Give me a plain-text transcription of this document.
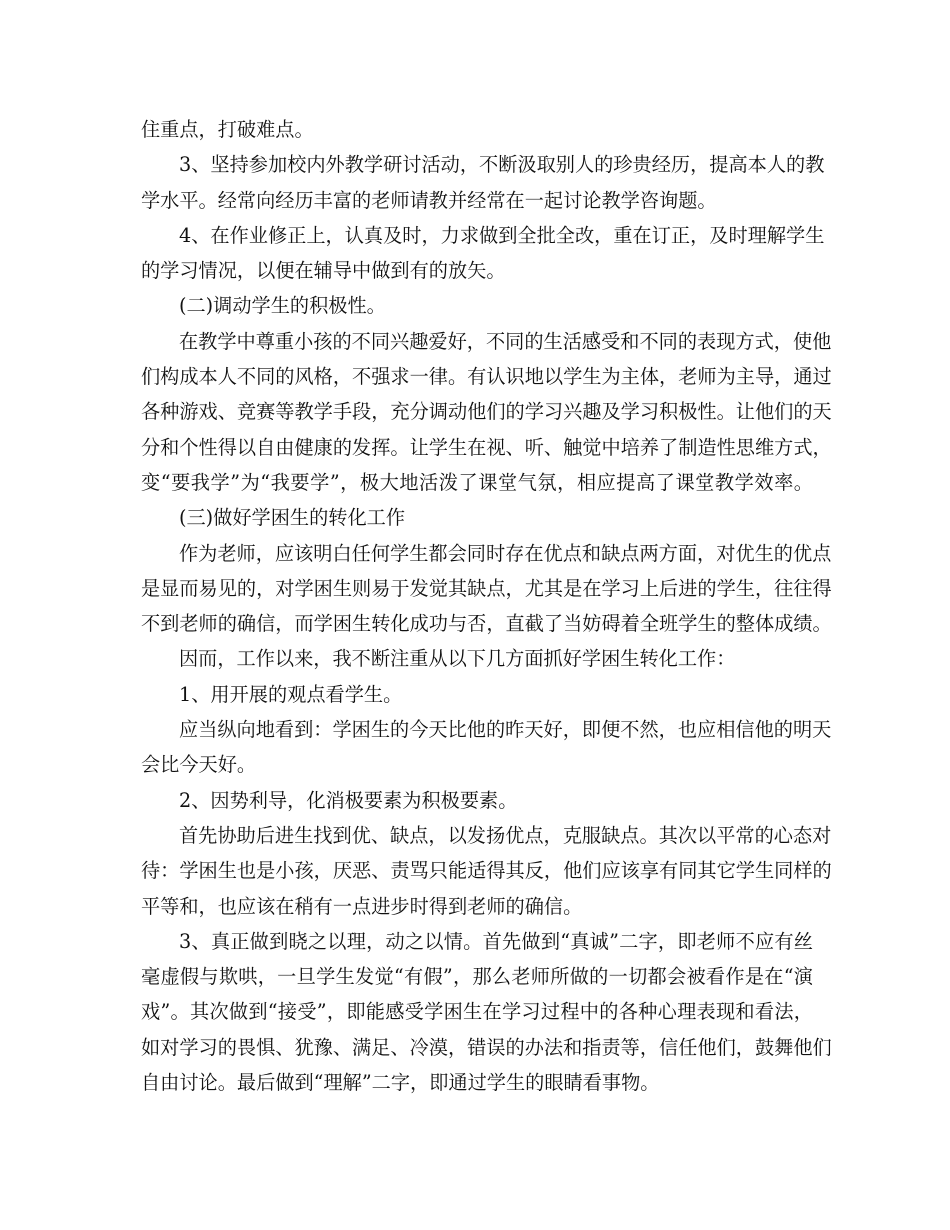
住重点，打破难点。
3、坚持参加校内外教学研讨活动，不断汲取别人的珍贵经历，提高本人的教
学水平。经常向经历丰富的老师请教并经常在一起讨论教学咨询题。
4、在作业修正上，认真及时，力求做到全批全改，重在订正，及时理解学生
的学习情况，以便在辅导中做到有的放矢。
(二)调动学生的积极性。
在教学中尊重小孩的不同兴趣爱好，不同的生活感受和不同的表现方式，使他
们构成本人不同的风格，不强求一律。有认识地以学生为主体，老师为主导，通过
各种游戏、竞赛等教学手段，充分调动他们的学习兴趣及学习积极性。让他们的天
分和个性得以自由健康的发挥。让学生在视、听、触觉中培养了制造性思维方式，
变“要我学”为“我要学”，极大地活泼了课堂气氛，相应提高了课堂教学效率。
(三)做好学困生的转化工作
作为老师，应该明白任何学生都会同时存在优点和缺点两方面，对优生的优点
是显而易见的，对学困生则易于发觉其缺点，尤其是在学习上后进的学生，往往得
不到老师的确信，而学困生转化成功与否，直截了当妨碍着全班学生的整体成绩。
因而，工作以来，我不断注重从以下几方面抓好学困生转化工作：
1、用开展的观点看学生。
应当纵向地看到：学困生的今天比他的昨天好，即便不然，也应相信他的明天
会比今天好。
2、因势利导，化消极要素为积极要素。
首先协助后进生找到优、缺点，以发扬优点，克服缺点。其次以平常的心态对
待：学困生也是小孩，厌恶、责骂只能适得其反，他们应该享有同其它学生同样的
平等和，也应该在稍有一点进步时得到老师的确信。
3、真正做到晓之以理，动之以情。首先做到“真诚”二字，即老师不应有丝
毫虚假与欺哄，一旦学生发觉“有假”，那么老师所做的一切都会被看作是在“演
戏”。其次做到“接受”，即能感受学困生在学习过程中的各种心理表现和看法，
如对学习的畏惧、犹豫、满足、冷漠，错误的办法和指责等，信任他们，鼓舞他们
自由讨论。最后做到“理解”二字，即通过学生的眼睛看事物。
